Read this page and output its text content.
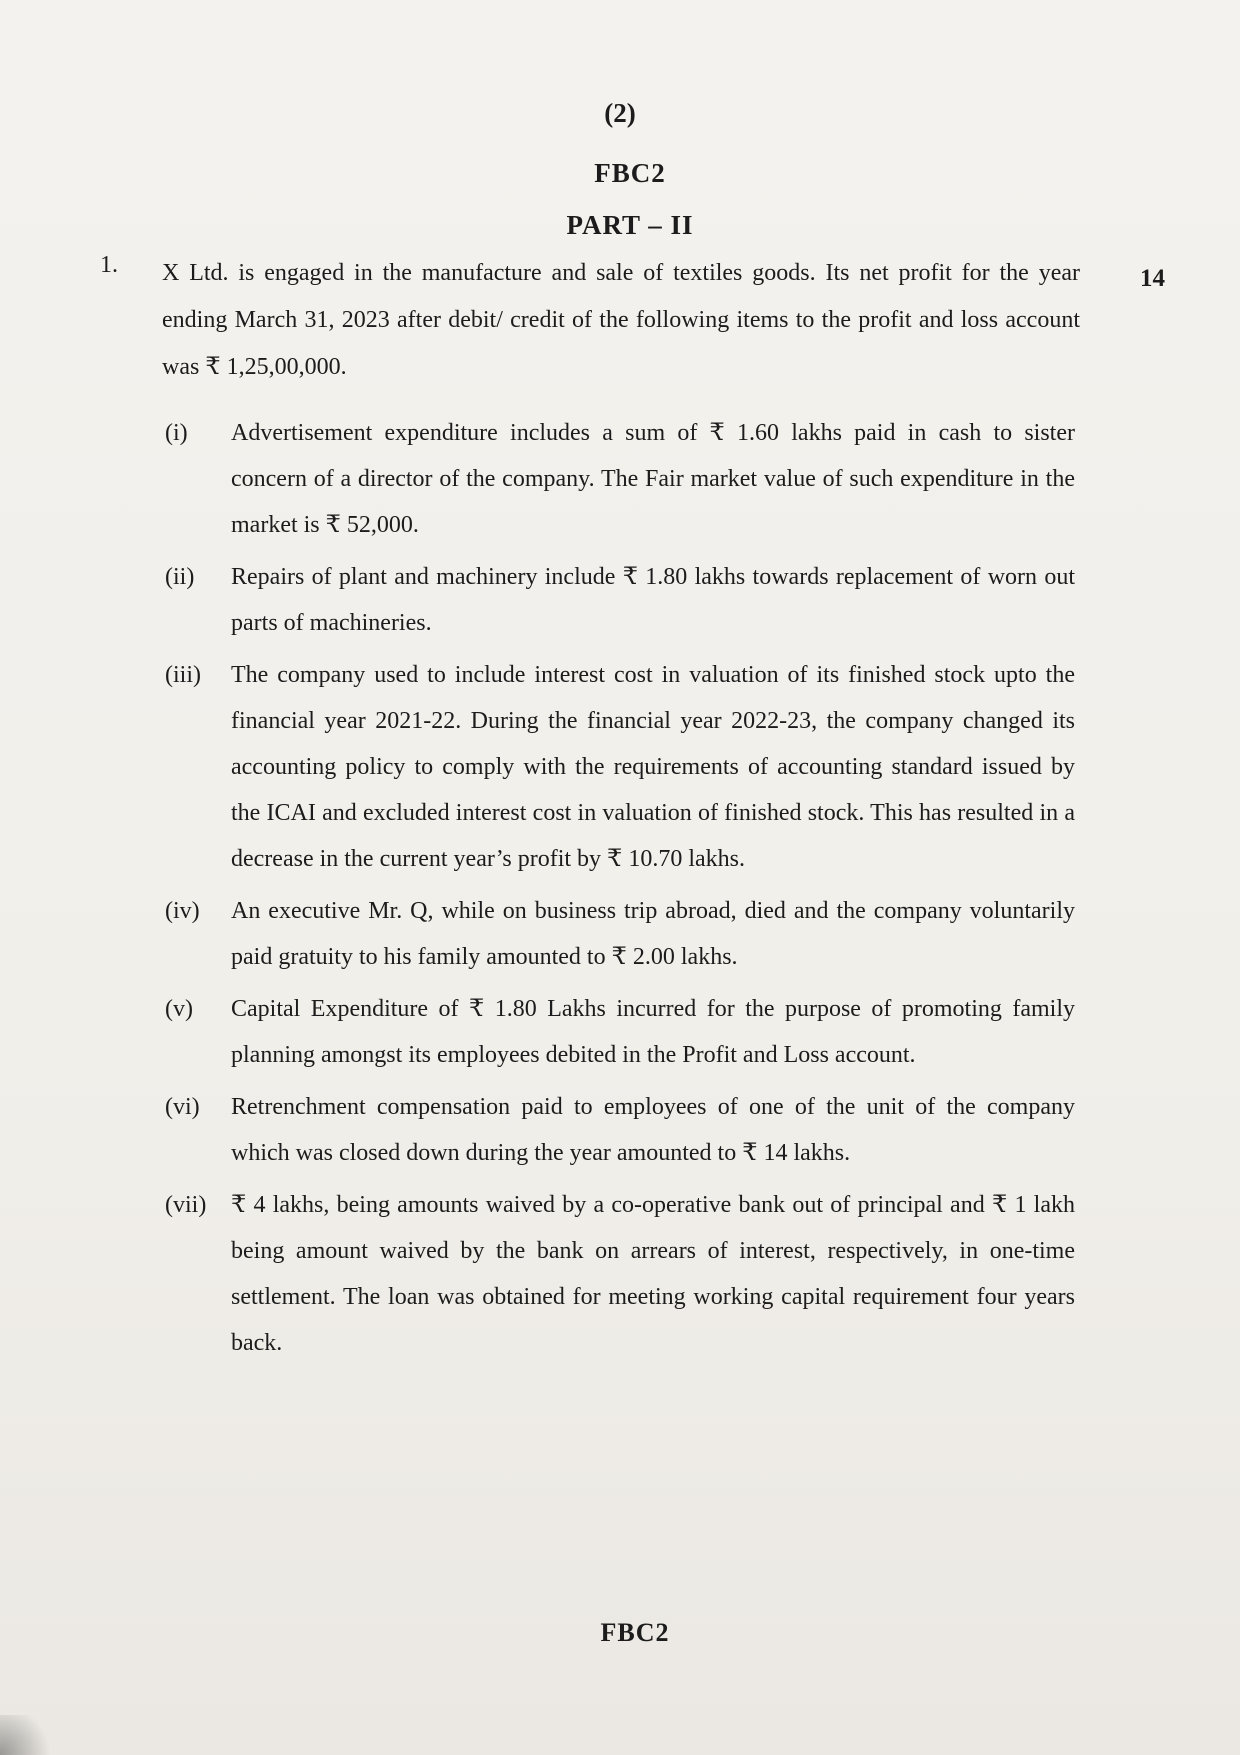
(2)
FBC2
PART – II
1.	14
X Ltd. is engaged in the manufacture and sale of textiles goods. Its net profit for the year ending March 31, 2023 after debit/ credit of the following items to the profit and loss account was ₹ 1,25,00,000.
(i)	Advertisement expenditure includes a sum of ₹ 1.60 lakhs paid in cash to sister concern of a director of the company. The Fair market value of such expenditure in the market is ₹ 52,000.
(ii)	Repairs of plant and machinery include ₹ 1.80 lakhs towards replacement of worn out parts of machineries.
(iii)	The company used to include interest cost in valuation of its finished stock upto the financial year 2021-22. During the financial year 2022-23, the company changed its accounting policy to comply with the requirements of accounting standard issued by the ICAI and excluded interest cost in valuation of finished stock. This has resulted in a decrease in the current year’s profit by ₹ 10.70 lakhs.
(iv)	An executive Mr. Q, while on business trip abroad, died and the company voluntarily paid gratuity to his family amounted to ₹ 2.00 lakhs.
(v)	Capital Expenditure of ₹ 1.80 Lakhs incurred for the purpose of promoting family planning amongst its employees debited in the Profit and Loss account.
(vi)	Retrenchment compensation paid to employees of one of the unit of the company which was closed down during the year amounted to ₹ 14 lakhs.
(vii)	₹ 4 lakhs, being amounts waived by a co-operative bank out of principal and ₹ 1 lakh being amount waived by the bank on arrears of interest, respectively, in one-time settlement. The loan was obtained for meeting working capital requirement four years back.
FBC2
